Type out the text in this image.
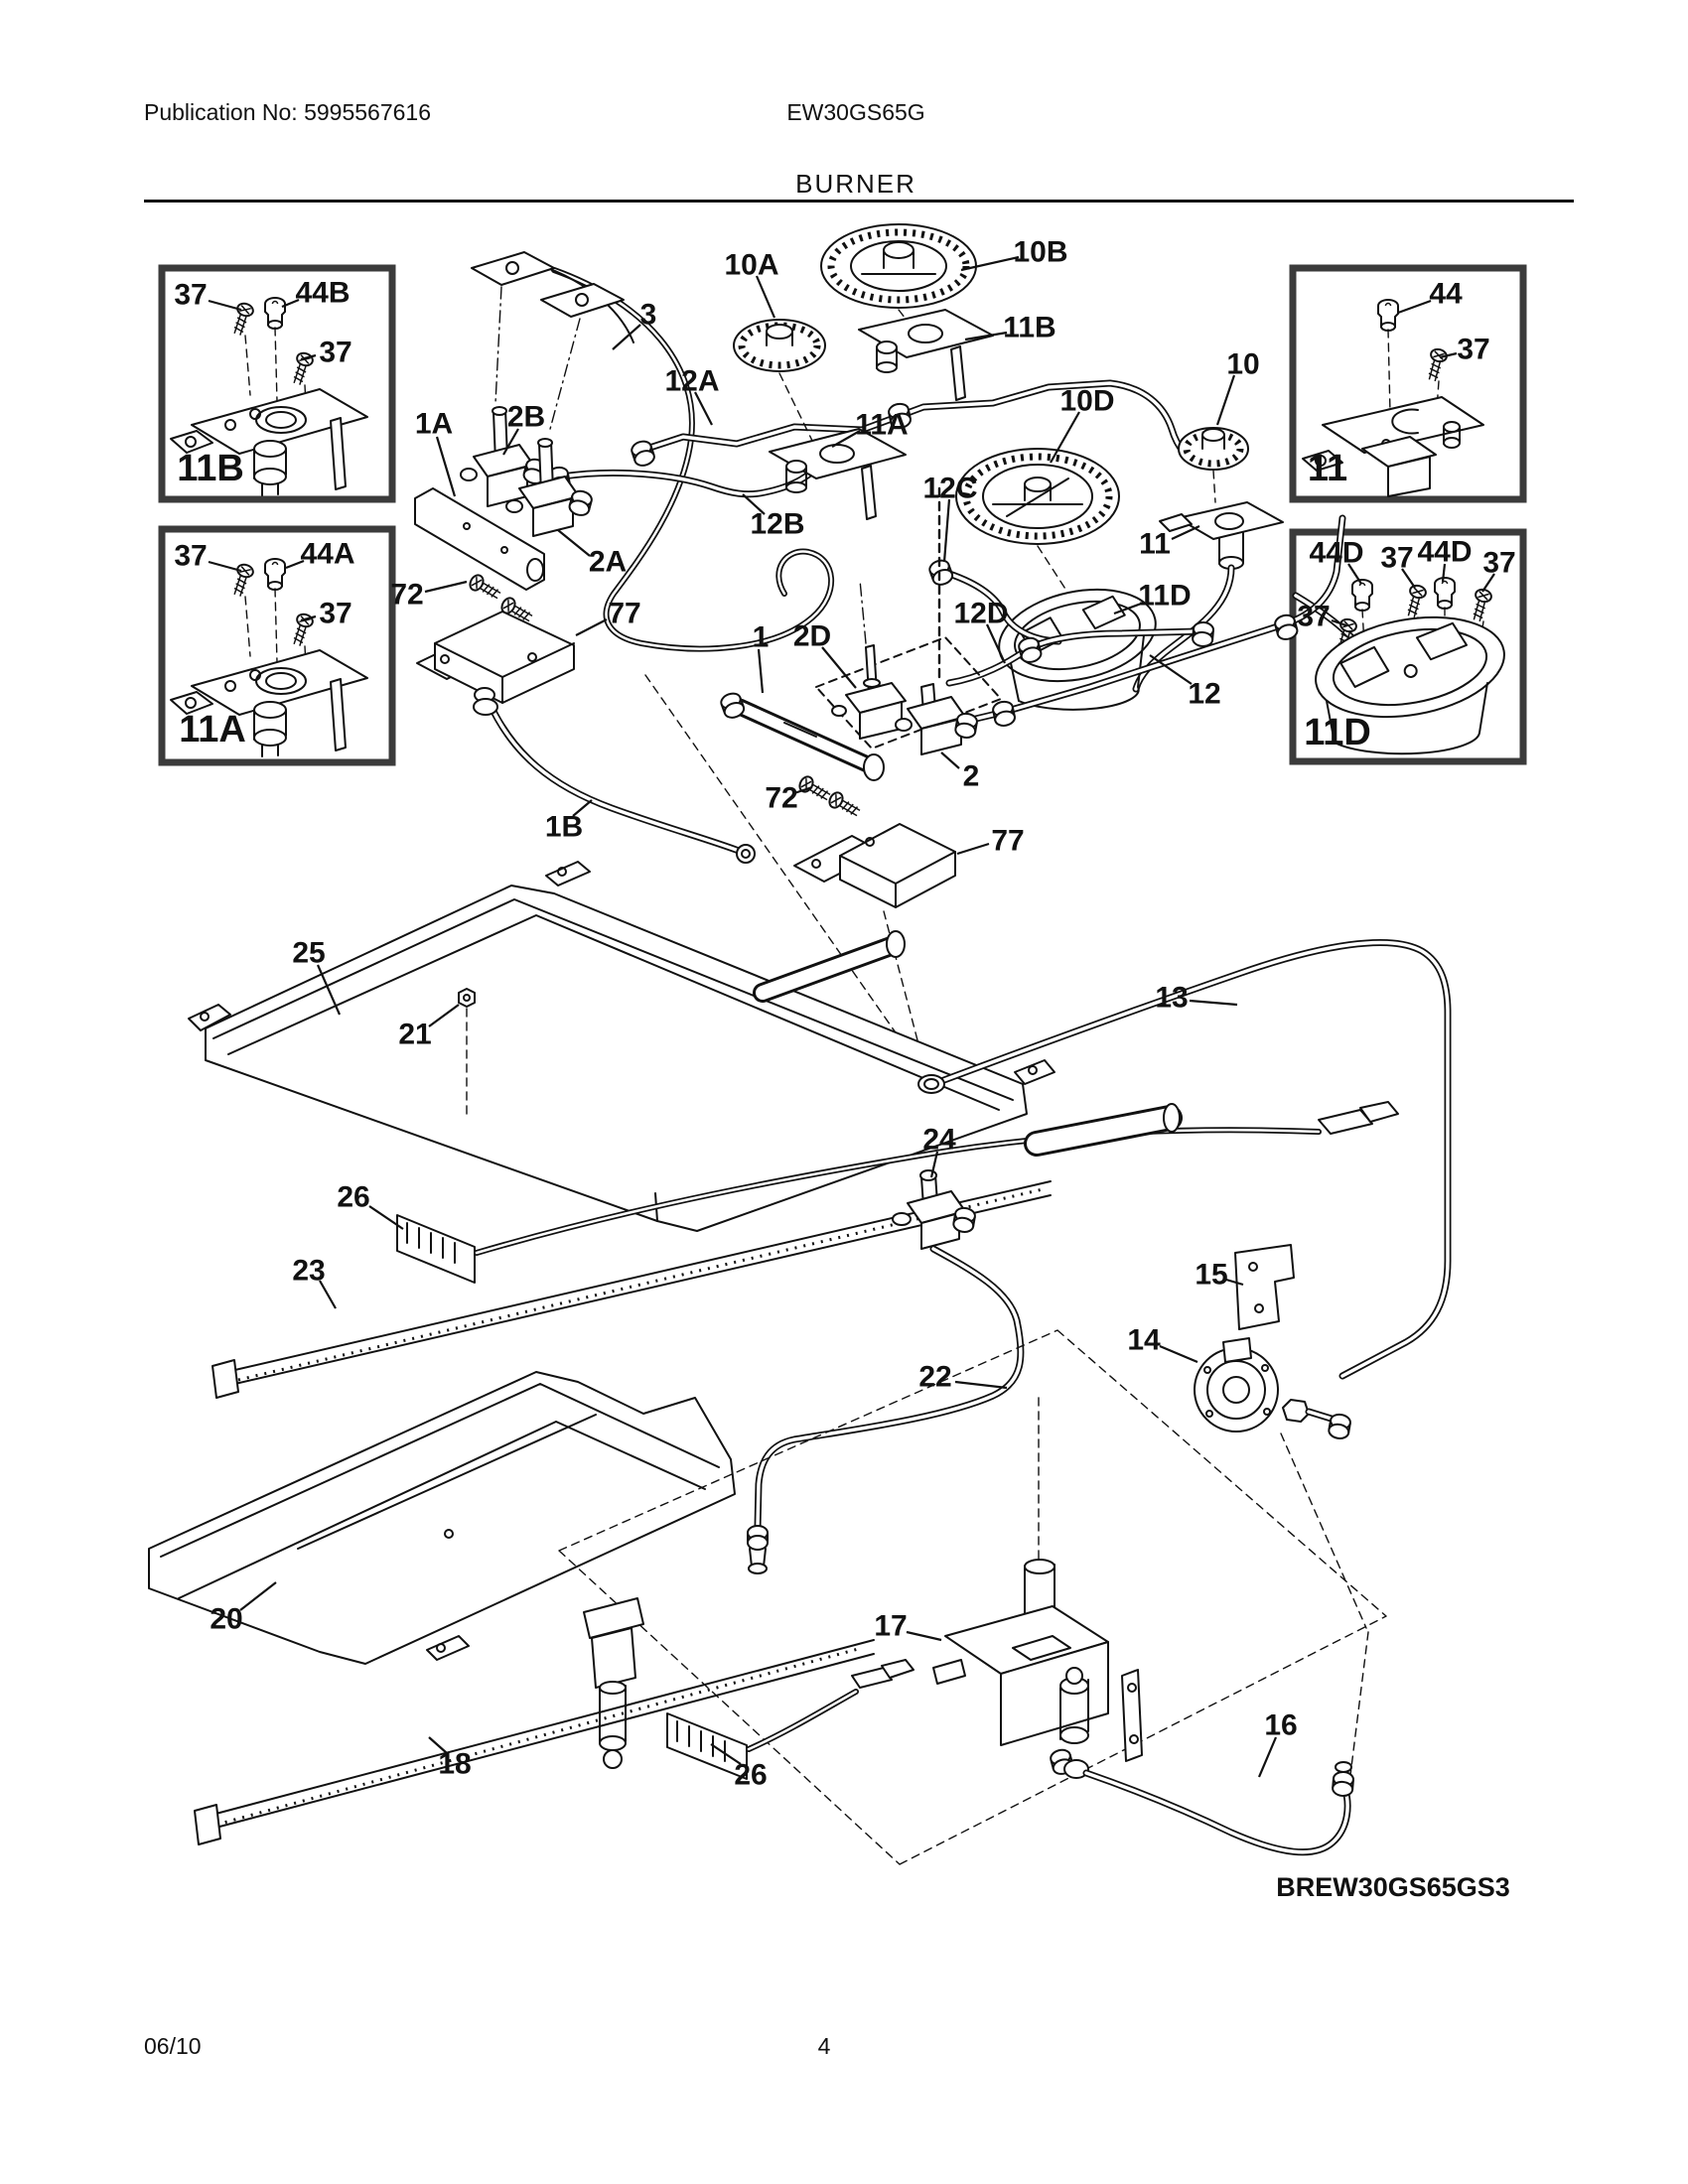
Publication No: 5995567616	EW30GS65G
BURNER
BREW30GS65GS3
06/10	4
37	44B
37
11B
37	44A
37
11A
44
37
11
44D 37 44D 37
37
11D
3
10A	10B
11B
12A
11A
10D
10
12C
11
12B
12D
11D
12
1A 2B
2A
72
77
1 2D
2
72
1B	77
25
21
13
26
23
24
15
14
22
20	17
16
18	26
